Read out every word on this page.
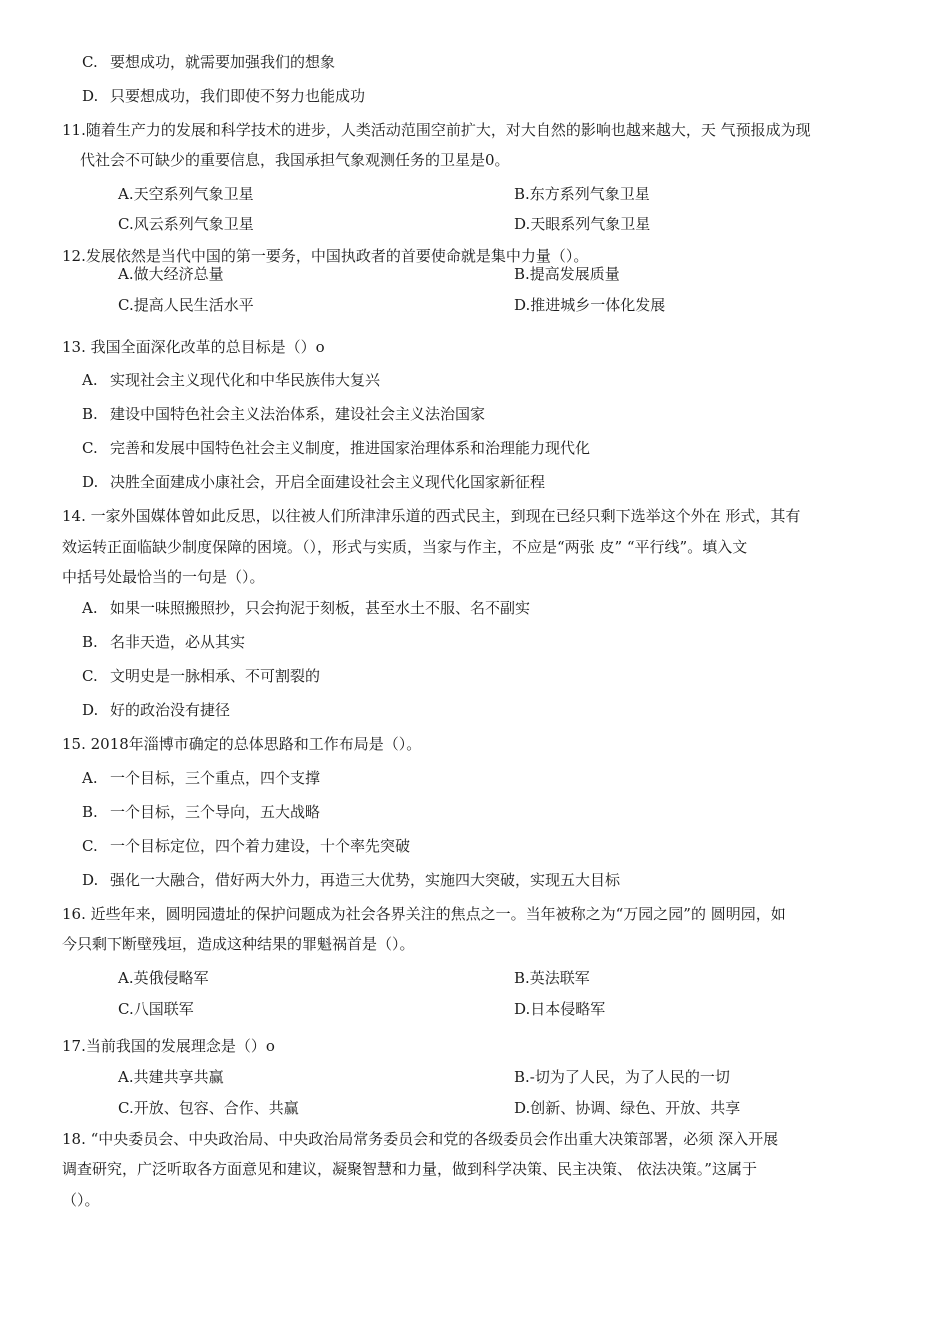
C. 要想成功，就需要加强我们的想象
D. 只要想成功，我们即使不努力也能成功
11.随着生产力的发展和科学技术的进步，人类活动范围空前扩大，对大自然的影响也越来越大，天 气预报成为现
代社会不可缺少的重要信息，我国承担气象观测任务的卫星是0。
A.天空系列气象卫星	B.东方系列气象卫星
C.风云系列气象卫星	D.天眼系列气象卫星
12.发展依然是当代中国的第一要务，中国执政者的首要使命就是集中力量（）。
A.做大经济总量	B.提高发展质量
C.提高人民生活水平	D.推进城乡一体化发展
13. 我国全面深化改革的总目标是（）o
A. 实现社会主义现代化和中华民族伟大复兴
B. 建设中国特色社会主义法治体系，建设社会主义法治国家
C. 完善和发展中国特色社会主义制度，推进国家治理体系和治理能力现代化
D. 决胜全面建成小康社会，开启全面建设社会主义现代化国家新征程
14. 一家外国媒体曾如此反思，以往被人们所津津乐道的西式民主，到现在已经只剩下选举这个外在 形式，其有
效运转正面临缺少制度保障的困境。（），形式与实质，当家与作主，不应是“两张 皮” “平行线”。填入文
中括号处最恰当的一句是（）。
A. 如果一味照搬照抄，只会拘泥于刻板，甚至水土不服、名不副实
B. 名非天造，必从其实
C. 文明史是一脉相承、不可割裂的
D. 好的政治没有捷径
15. 2018年淄博市确定的总体思路和工作布局是（）。
A. 一个目标，三个重点，四个支撑
B. 一个目标，三个导向，五大战略
C. 一个目标定位，四个着力建设，十个率先突破
D. 强化一大融合，借好两大外力，再造三大优势，实施四大突破，实现五大目标
16. 近些年来，圆明园遗址的保护问题成为社会各界关注的焦点之一。当年被称之为“万园之园”的 圆明园，如
今只剩下断壁残垣，造成这种结果的罪魁祸首是（）。
A.英俄侵略军	B.英法联军
C.八国联军	D.日本侵略军
17.当前我国的发展理念是（）o
A.共建共享共赢	B.-切为了人民，为了人民的一切
C.开放、包容、合作、共赢	D.创新、协调、绿色、开放、共享
18. “中央委员会、中央政治局、中央政治局常务委员会和党的各级委员会作出重大决策部署，必须 深入开展
调查研究，广泛听取各方面意见和建议，凝聚智慧和力量，做到科学决策、民主决策、 依法决策。”这属于
（）。
